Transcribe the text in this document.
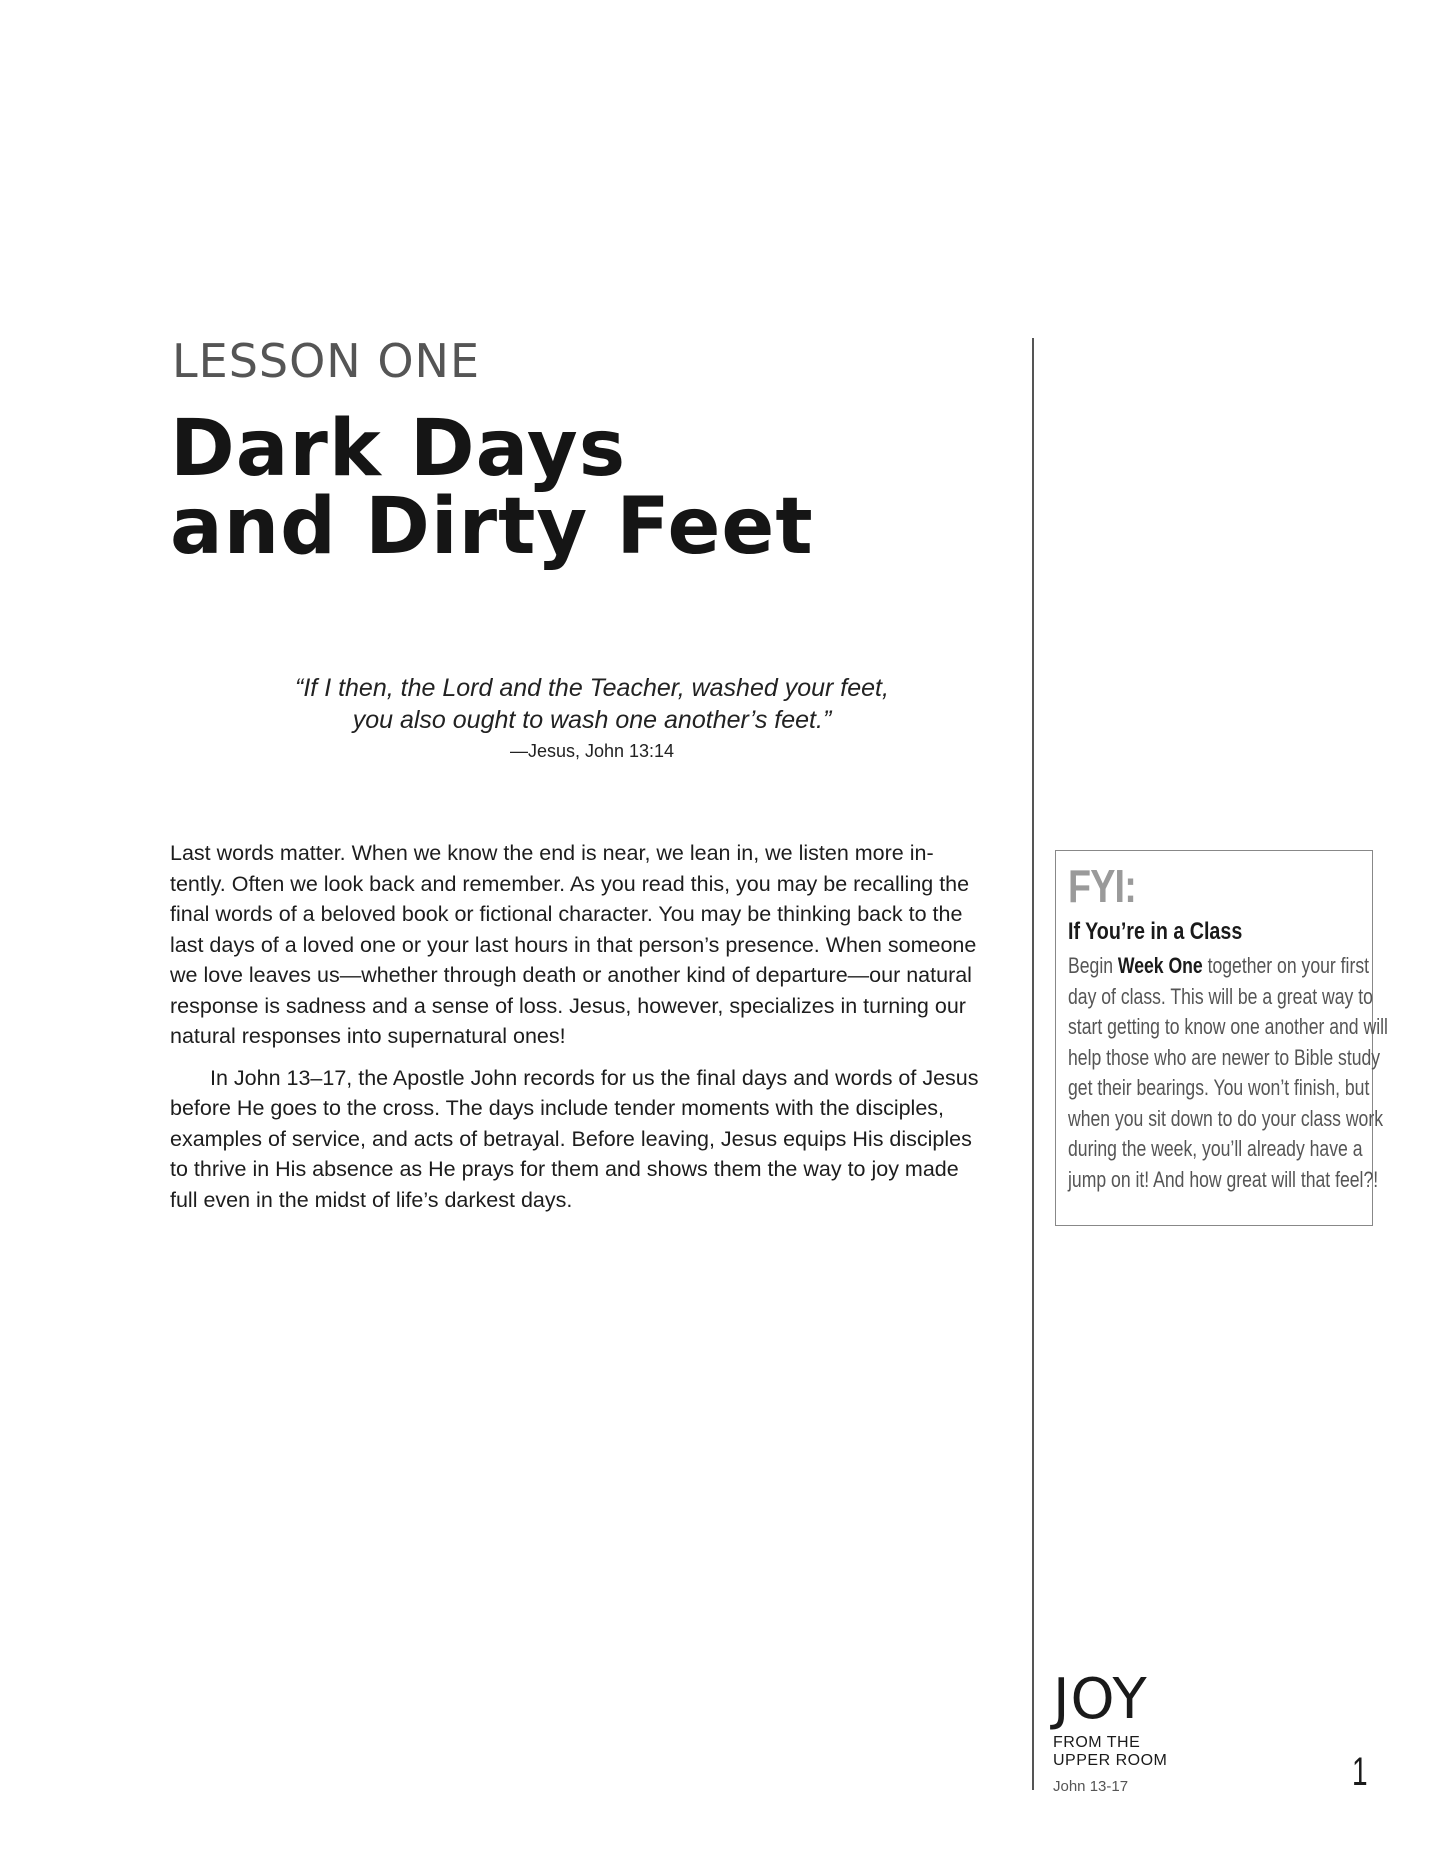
LESSON ONE
Dark Days
and Dirty Feet
“If I then, the Lord and the Teacher, washed your feet,
you also ought to wash one another’s feet.”
—Jesus, John 13:14

Last words matter. When we know the end is near, we lean in, we listen more in-
tently. Often we look back and remember. As you read this, you may be recalling the
final words of a beloved book or fictional character. You may be thinking back to the
last days of a loved one or your last hours in that person’s presence. When someone
we love leaves us—whether through death or another kind of departure—our natural
response is sadness and a sense of loss. Jesus, however, specializes in turning our
natural responses into supernatural ones!

In John 13–17, the Apostle John records for us the final days and words of Jesus
before He goes to the cross. The days include tender moments with the disciples,
examples of service, and acts of betrayal. Before leaving, Jesus equips His disciples
to thrive in His absence as He prays for them and shows them the way to joy made
full even in the midst of life’s darkest days.

FYI:
If You’re in a Class
Begin Week One together on your first
day of class. This will be a great way to
start getting to know one another and will
help those who are newer to Bible study
get their bearings. You won’t finish, but
when you sit down to do your class work
during the week, you’ll already have a
jump on it! And how great will that feel?!
JOY
FROM THE
UPPER ROOM
John 13-17	1
